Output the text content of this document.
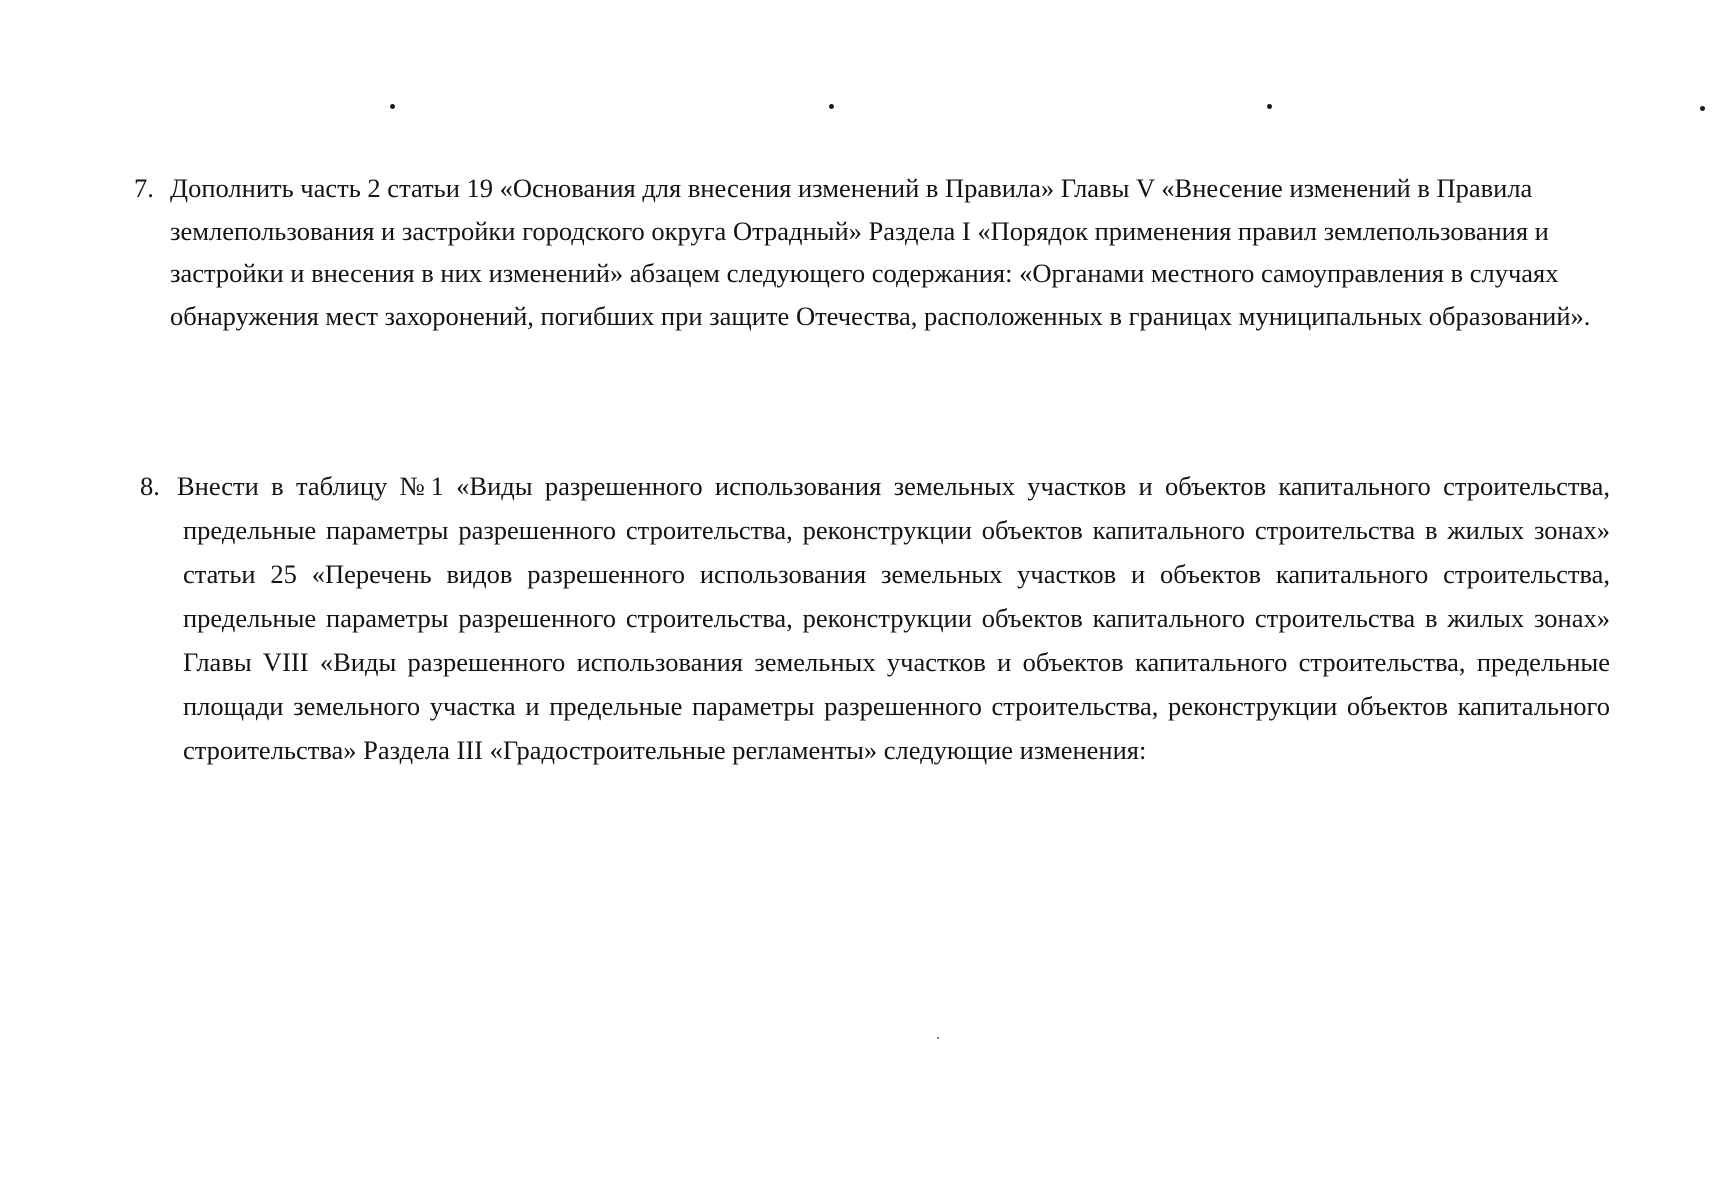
7. Дополнить часть 2 статьи 19 «Основания для внесения изменений в Правила» Главы V «Внесение изменений в Правила землепользования и застройки городского округа Отрадный» Раздела I «Порядок применения правил землепользования и застройки и внесения в них изменений» абзацем следующего содержания: «Органами местного самоуправления в случаях обнаружения мест захоронений, погибших при защите Отечества, расположенных в границах муниципальных образований».
8. Внести в таблицу №1 «Виды разрешенного использования земельных участков и объектов капитального строительства, предельные параметры разрешенного строительства, реконструкции объектов капитального строительства в жилых зонах» статьи 25 «Перечень видов разрешенного использования земельных участков и объектов капитального строительства, предельные параметры разрешенного строительства, реконструкции объектов капитального строительства в жилых зонах» Главы VIII «Виды разрешенного использования земельных участков и объектов капитального строительства, предельные площади земельного участка и предельные параметры разрешенного строительства, реконструкции объектов капитального строительства» Раздела III «Градостроительные регламенты» следующие изменения:
